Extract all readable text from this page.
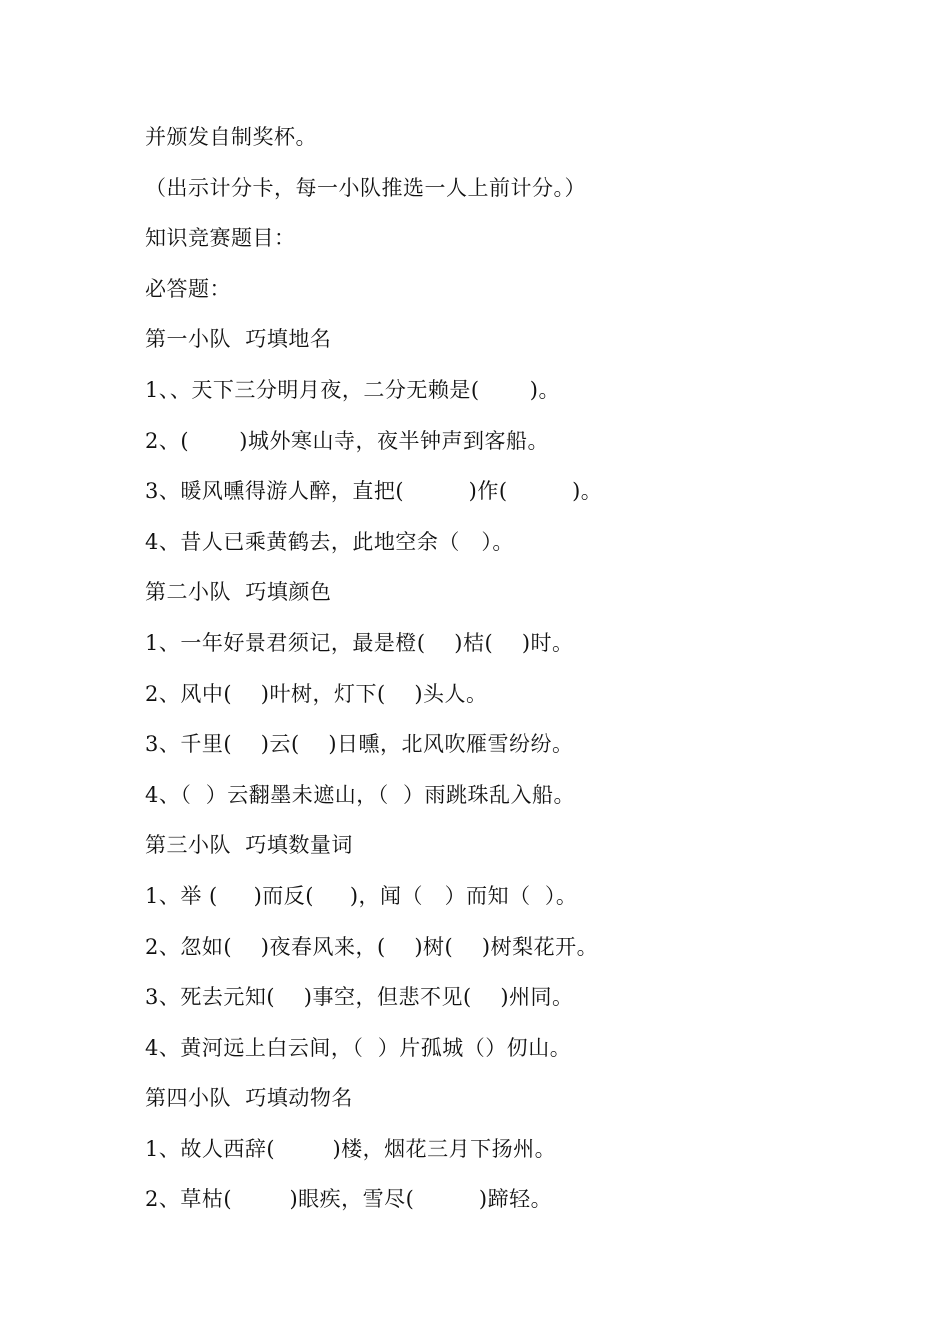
并颁发自制奖杯。
（出示计分卡，每一小队推选一人上前计分。）
知识竞赛题目：
必答题：
第一小队  巧填地名
1、、天下三分明月夜，二分无赖是(       )。
2、(       )城外寒山寺，夜半钟声到客船。
3、暖风曛得游人醉，直把(         )作(         )。
4、昔人已乘黄鹤去，此地空余（   ）。
第二小队  巧填颜色
1、一年好景君须记，最是橙(    )桔(    )时。
2、风中(    )叶树，灯下(    )头人。
3、千里(    )云(    )日曛，北风吹雁雪纷纷。
4、（  ）云翻墨未遮山，（  ）雨跳珠乱入船。
第三小队  巧填数量词
1、举 (     )而反(     )，闻（   ）而知（  ）。
2、忽如(    )夜春风来，(    )树(    )树梨花开。
3、死去元知(    )事空，但悲不见(    )州同。
4、黄河远上白云间，（  ）片孤城（）仞山。
第四小队  巧填动物名
1、故人西辞(        )楼，烟花三月下扬州。
2、草枯(        )眼疾，雪尽(         )蹄轻。
